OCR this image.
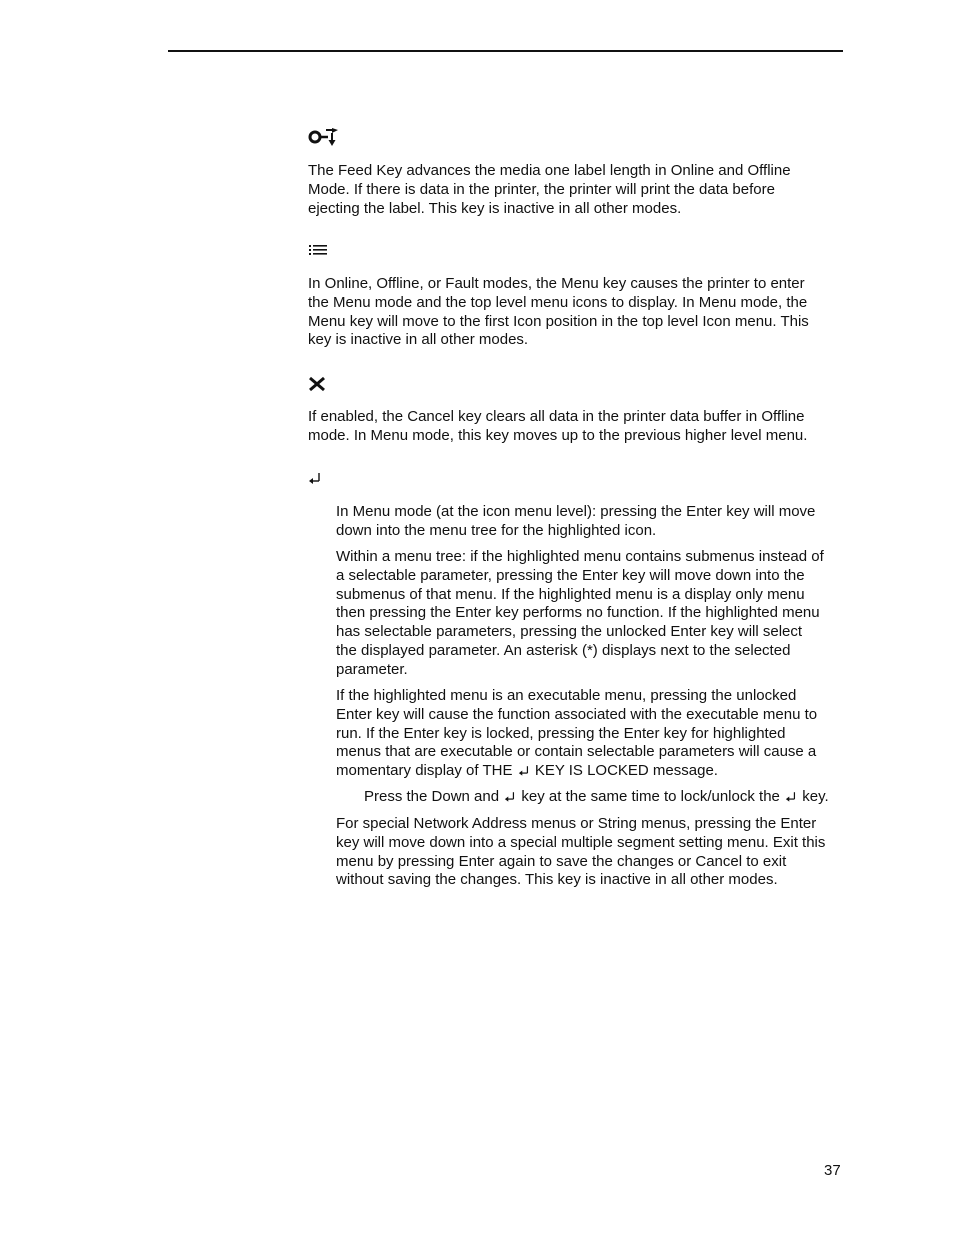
The Feed Key advances the media one label length in Online and Offline
Mode. If there is data in the printer, the printer will print the data before
ejecting the label. This key is inactive in all other modes.

In Online, Offline, or Fault modes, the Menu key causes the printer to enter
the Menu mode and the top level menu icons to display. In Menu mode, the
Menu key will move to the first Icon position in the top level Icon menu. This
key is inactive in all other modes.

If enabled, the Cancel key clears all data in the printer data buffer in Offline
mode. In Menu mode, this key moves up to the previous higher level menu.

In Menu mode (at the icon menu level): pressing the Enter key will move
down into the menu tree for the highlighted icon.

Within a menu tree: if the highlighted menu contains submenus instead of
a selectable parameter, pressing the Enter key will move down into the
submenus of that menu. If the highlighted menu is a display only menu
then pressing the Enter key performs no function. If the highlighted menu
has selectable parameters, pressing the unlocked Enter key will select
the displayed parameter. An asterisk (*) displays next to the selected
parameter.

If the highlighted menu is an executable menu, pressing the unlocked
Enter key will cause the function associated with the executable menu to
run. If the Enter key is locked, pressing the Enter key for highlighted
menus that are executable or contain selectable parameters will cause a
momentary display of THE KEY IS LOCKED message.

Press the Down and key at the same time to lock/unlock the key.

For special Network Address menus or String menus, pressing the Enter
key will move down into a special multiple segment setting menu. Exit this
menu by pressing Enter again to save the changes or Cancel to exit
without saving the changes. This key is inactive in all other modes.

37
